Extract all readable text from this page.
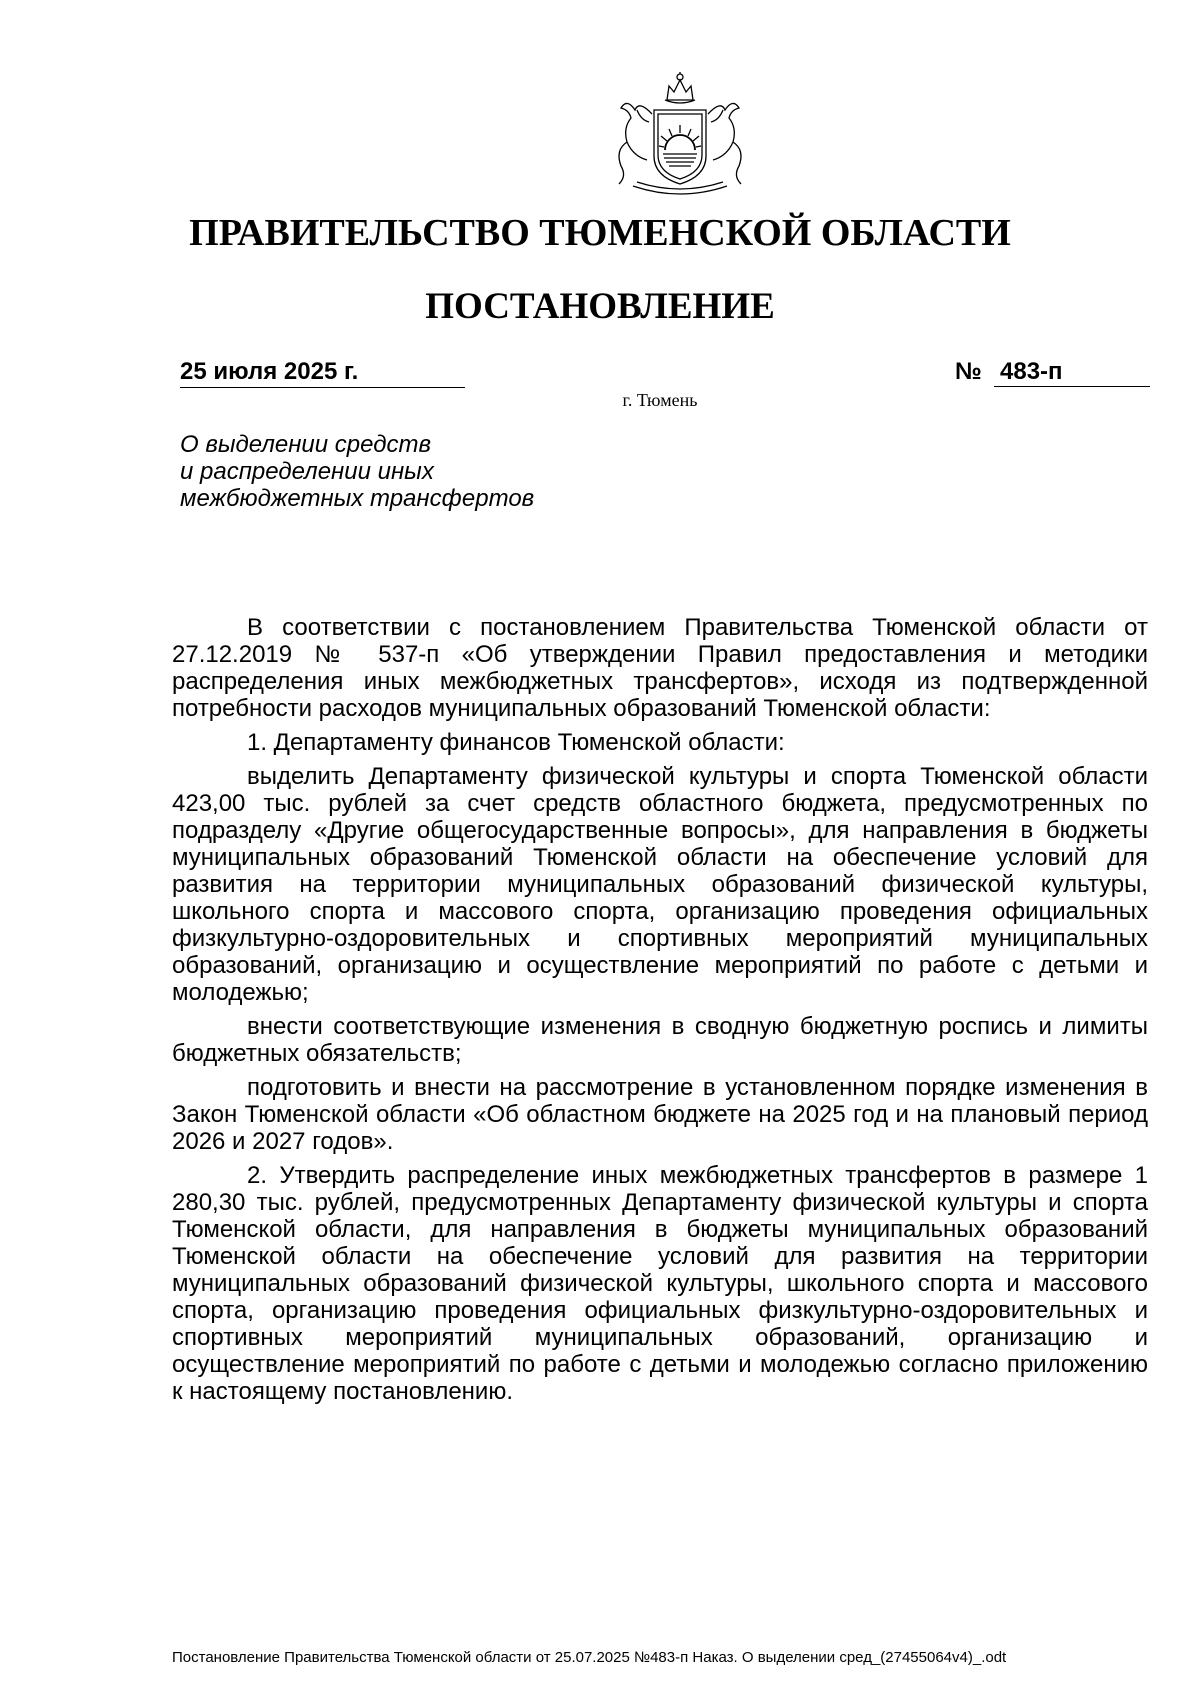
ПРАВИТЕЛЬСТВО ТЮМЕНСКОЙ ОБЛАСТИ
ПОСТАНОВЛЕНИЕ
25 июля 2025 г.	№ 483-п
г. Тюмень
О выделении средств
и распределении иных
межбюджетных трансфертов

В соответствии с постановлением Правительства Тюменской области от 27.12.2019 № 537-п «Об утверждении Правил предоставления и методики распределения иных межбюджетных трансфертов», исходя из подтвержденной потребности расходов муниципальных образований Тюменской области:

1. Департаменту финансов Тюменской области:

выделить Департаменту физической культуры и спорта Тюменской области 423,00 тыс. рублей за счет средств областного бюджета, предусмотренных по подразделу «Другие общегосударственные вопросы», для направления в бюджеты муниципальных образований Тюменской области на обеспечение условий для развития на территории муниципальных образований физической культуры, школьного спорта и массового спорта, организацию проведения официальных физкультурно-оздоровительных и спортивных мероприятий муниципальных образований, организацию и осуществление мероприятий по работе с детьми и молодежью;

внести соответствующие изменения в сводную бюджетную роспись и лимиты бюджетных обязательств;

подготовить и внести на рассмотрение в установленном порядке изменения в Закон Тюменской области «Об областном бюджете на 2025 год и на плановый период 2026 и 2027 годов».

2. Утвердить распределение иных межбюджетных трансфертов в размере 1 280,30 тыс. рублей, предусмотренных Департаменту физической культуры и спорта Тюменской области, для направления в бюджеты муниципальных образований Тюменской области на обеспечение условий для развития на территории муниципальных образований физической культуры, школьного спорта и массового спорта, организацию проведения официальных физкультурно-оздоровительных и спортивных мероприятий муниципальных образований, организацию и осуществление мероприятий по работе с детьми и молодежью согласно приложению к настоящему постановлению.

Постановление Правительства Тюменской области от 25.07.2025 №483-п Наказ. О выделении сред_(27455064v4)_.odt
